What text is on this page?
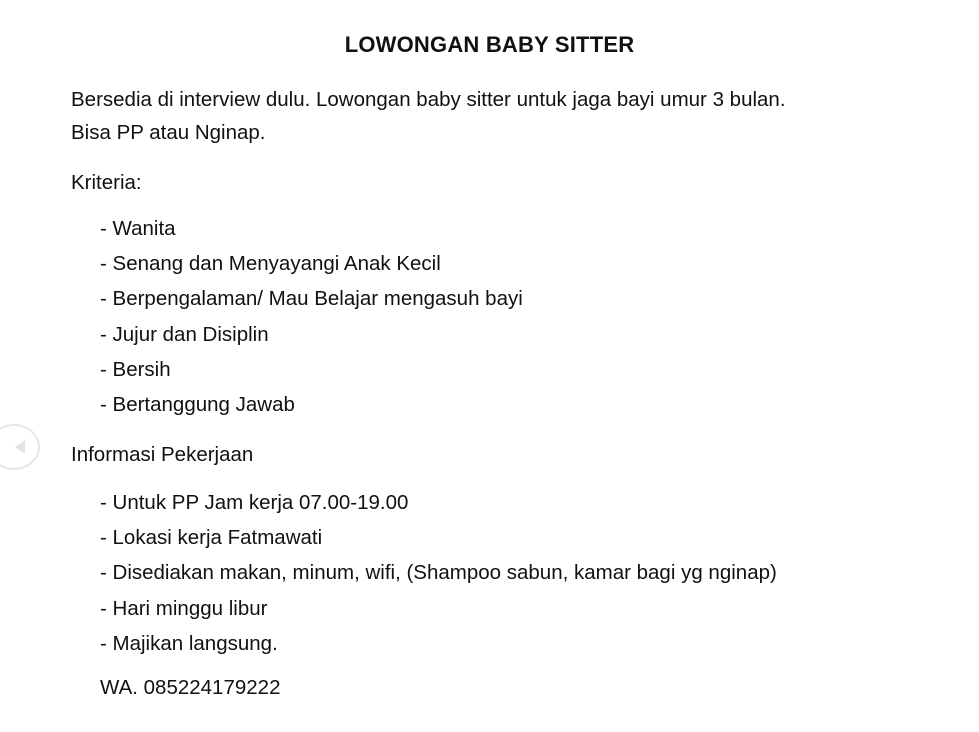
LOWONGAN BABY SITTER
Bersedia di interview dulu. Lowongan baby sitter untuk jaga bayi umur 3 bulan.
Bisa PP atau Nginap.
Kriteria:
- Wanita
- Senang dan Menyayangi Anak Kecil
- Berpengalaman/ Mau Belajar mengasuh bayi
- Jujur dan Disiplin
- Bersih
- Bertanggung Jawab
Informasi Pekerjaan
- Untuk PP Jam kerja 07.00-19.00
- Lokasi kerja Fatmawati
- Disediakan makan, minum, wifi, (Shampoo sabun, kamar bagi yg nginap)
- Hari minggu libur
- Majikan langsung.
WA. 085224179222
